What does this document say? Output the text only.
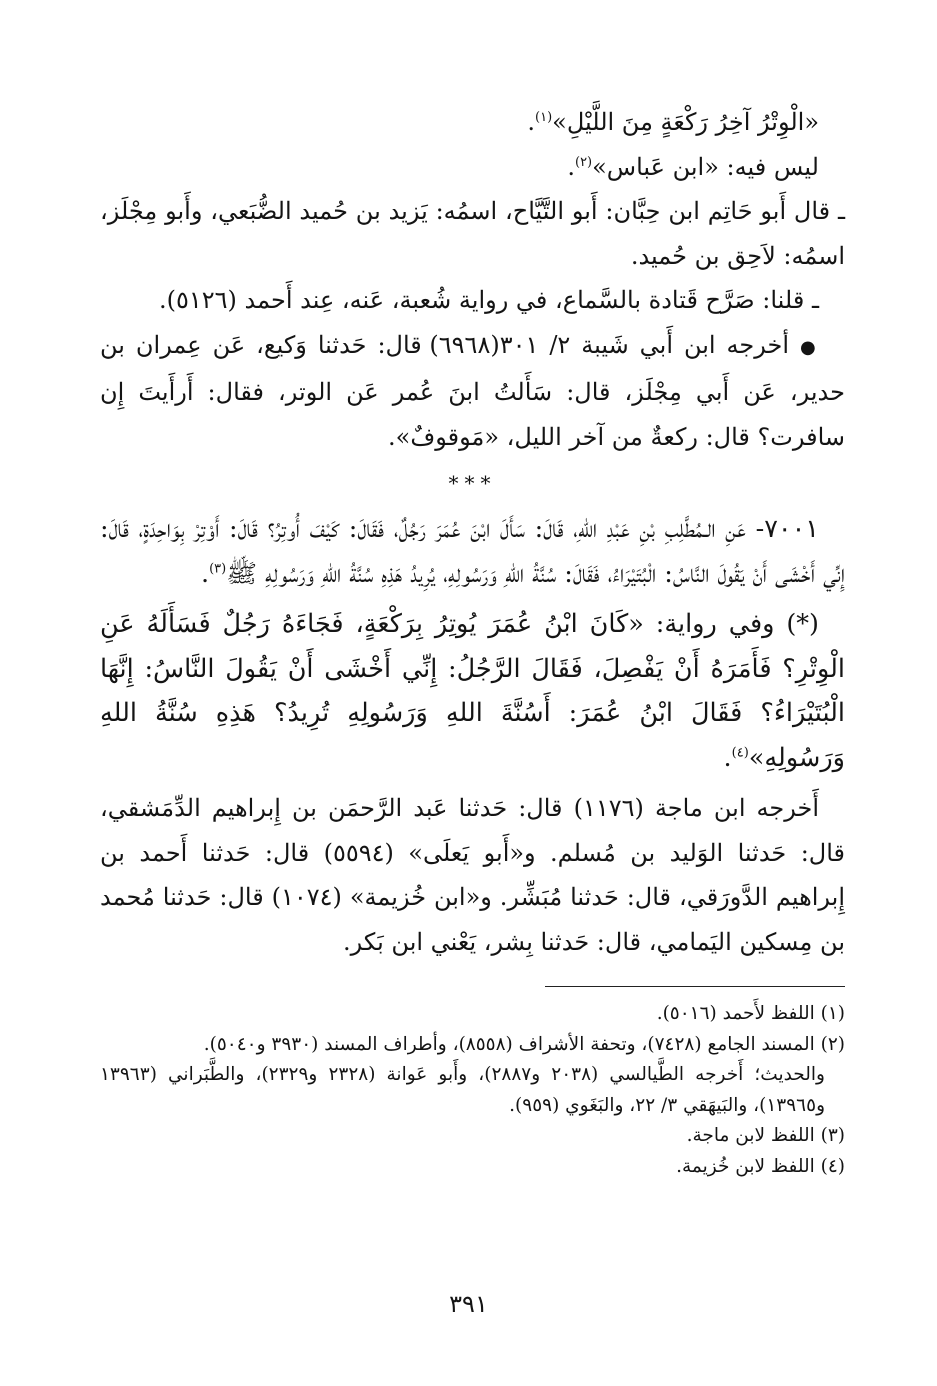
«الْوِتْرُ آخِرُ رَكْعَةٍ مِنَ اللَّيْلِ»$^{(١)}$.

ليس فيه: «ابن عَباس»$^{(٢)}$.

ـ قال أَبو حَاتِم ابن حِبَّان: أَبو التَّيَّاح، اسمُه: يَزيد بن حُميد الضُّبَعي، وأَبو مِجْلَز، اسمُه: لاَحِق بن حُميد.

ـ قلنا: صَرَّح قَتادة بالسَّماع، في رواية شُعبة، عَنه، عِند أَحمد (٥١٢٦).

● أخرجه ابن أَبي شَيبة ٢/ ٣٠١(٦٩٦٨) قال: حَدثنا وَكيع، عَن عِمران بن حدير، عَن أَبي مِجْلَز، قال: سَأَلتُ ابنَ عُمر عَن الوتر، فقال: أَرأَيتَ إِن سافرت؟ قال: ركعةٌ من آخر الليل، «مَوقوفٌ».

***

٧٠٠١- عَنِ الـمُطَّلِبِ بْنِ عَبْدِ اللهِ، قَالَ: سَأَلَ ابْنَ عُمَرَ رَجُلٌ، فَقَالَ: كَيْفَ أُوتِرُ؟ قَالَ: أَوْتِرْ بِوَاحِدَةٍ، قَالَ: إِنِّي أَخْشَى أَنْ يَقُولَ النَّاسُ: الْبُتَيْرَاءُ، فَقَالَ: سُنَّةُ اللهِ وَرَسُولِهِ، يُرِيدُ هَذِهِ سُنَّةُ اللهِ وَرَسُولِهِ ﷺ$^{(٣)}$.

(*) وفي رواية: «كَانَ ابْنُ عُمَرَ يُوتِرُ بِرَكْعَةٍ، فَجَاءَهُ رَجُلٌ فَسَأَلَهُ عَنِ الْوِتْرِ؟ فَأَمَرَهُ أَنْ يَفْصِلَ، فَقَالَ الرَّجُلُ: إِنِّي أَخْشَى أَنْ يَقُولَ النَّاسُ: إِنَّهَا الْبُتَيْرَاءُ؟ فَقَالَ ابْنُ عُمَرَ: أَسُنَّةَ اللهِ وَرَسُولِهِ تُرِيدُ؟ هَذِهِ سُنَّةُ اللهِ وَرَسُولِهِ»$^{(٤)}$.

أَخرجه ابن ماجة (١١٧٦) قال: حَدثنا عَبد الرَّحمَن بن إِبراهيم الدِّمَشقي، قال: حَدثنا الوَليد بن مُسلم. و«أَبو يَعلَى» (٥٥٩٤) قال: حَدثنا أَحمد بن إِبراهيم الدَّورَقي، قال: حَدثنا مُبَشِّر. و«ابن خُزيمة» (١٠٧٤) قال: حَدثنا مُحمد بن مِسكين اليَمامي، قال: حَدثنا بِشر، يَعْني ابن بَكر.

(١) اللفظ لأَحمد (٥٠١٦).

(٢) المسند الجامع (٧٤٢٨)، وتحفة الأشراف (٨٥٥٨)، وأطراف المسند (٣٩٣٠ و٥٠٤٠).

والحديث؛ أَخرجه الطَّيالسي (٢٠٣٨ و٢٨٨٧)، وأَبو عَوانة (٢٣٢٨ و٢٣٢٩)، والطَّبَراني (١٣٩٦٣ و١٣٩٦٥)، والبَيهَقي ٣/ ٢٢، والبَغَوي (٩٥٩).

(٣) اللفظ لابن ماجة.

(٤) اللفظ لابن خُزيمة.

٣٩١
